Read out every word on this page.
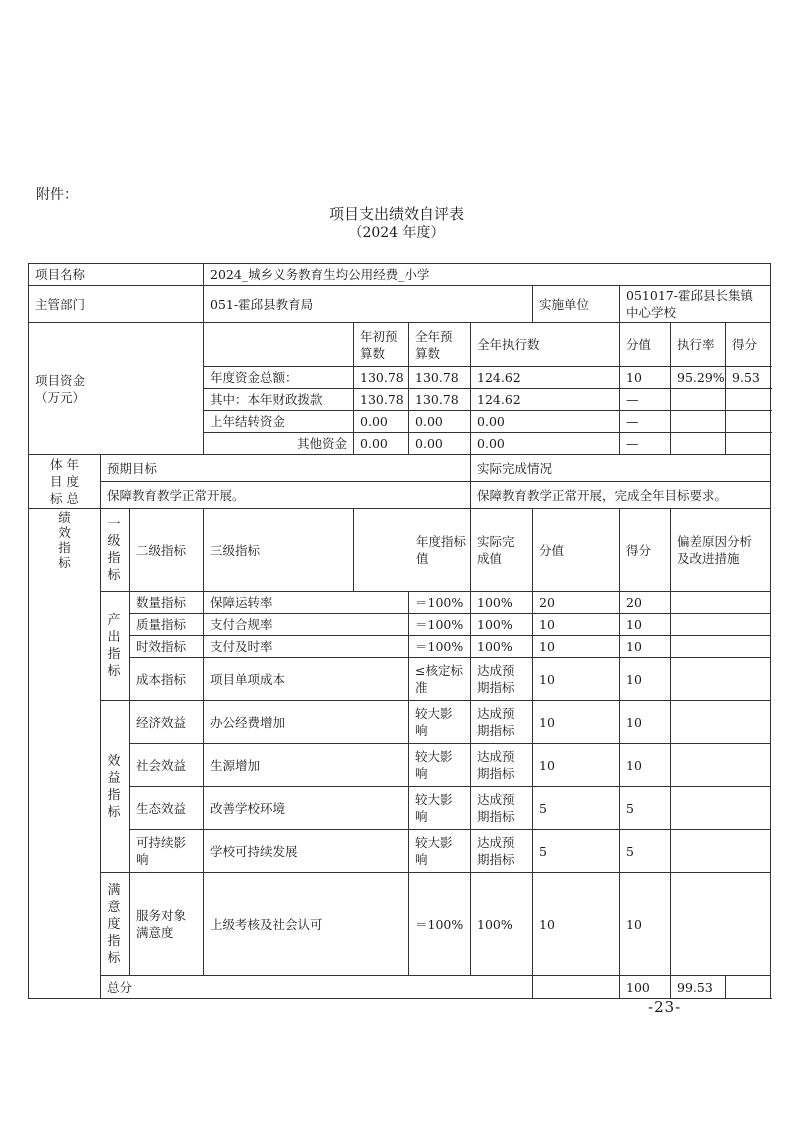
附件：
项目支出绩效自评表
（2024 年度）
项目名称			2024_城乡义务教育生均公用经费_小学							
主管部门			051-霍邱县教育局				实施单位	051017-霍邱县长集镇中心学校		

项目资金
（万元）				年初预算数	全年预算数	全年执行数		分值	执行率	得分
			年度资金总额：	130.78	130.78	124.62		10	95.29%	9.53
			其中：本年财政拨款	130.78	130.78	124.62		—		
			上年结转资金	0.00	0.00	0.00		—		
			其他资金	0.00	0.00	0.00		—		

体 年
目 度
标 总	预期目标					实际完成情况				
	保障教育教学正常开展。					保障教育教学正常开展，完成全年目标要求。				

绩效指标	一级指标	二级指标	三级指标	年度指标值		实际完成值	分值	得分	偏差原因分析及改进措施	

	产出指标	数量指标	保障运转率		＝100%	100%	20	20		
		质量指标	支付合规率		＝100%	100%	10	10		
		时效指标	支付及时率		＝100%	100%	10	10		
		成本指标	项目单项成本		≤核定标准	达成预期指标	10	10		

	效益指标	经济效益	办公经费增加		较大影响	达成预期指标	10	10		
		社会效益	生源增加		较大影响	达成预期指标	10	10		
		生态效益	改善学校环境		较大影响	达成预期指标	5	5		
		可持续影响	学校可持续发展		较大影响	达成预期指标	5	5		

	满意度指标	服务对象满意度	上级考核及社会认可		＝100%	100%	10	10		
	总分							100	99.53	
-23-
